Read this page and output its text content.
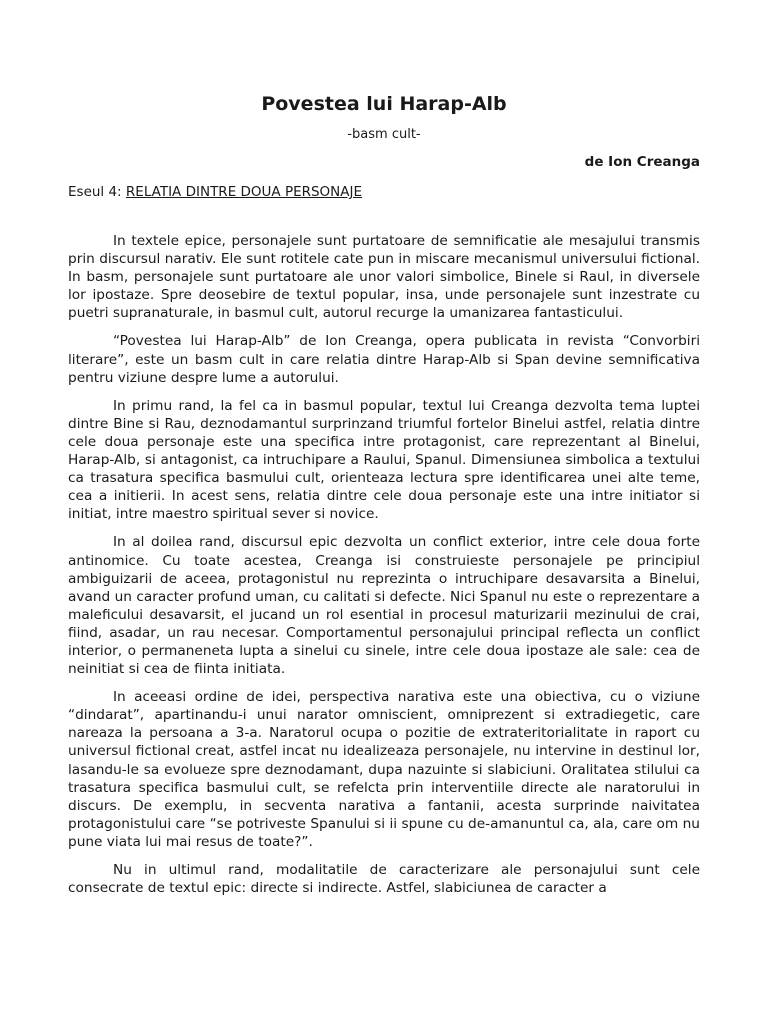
Povestea lui Harap-Alb

-basm cult-

de Ion Creanga

Eseul 4: RELATIA DINTRE DOUA PERSONAJE

In textele epice, personajele sunt purtatoare de semnificatie ale mesajului transmis prin discursul narativ. Ele sunt rotitele cate pun in miscare mecanismul universului fictional. In basm, personajele sunt purtatoare ale unor valori simbolice, Binele si Raul, in diversele lor ipostaze. Spre deosebire de textul popular, insa, unde personajele sunt inzestrate cu puetri supranaturale, in basmul cult, autorul recurge la umanizarea fantasticului.

“Povestea lui Harap-Alb” de Ion Creanga, opera publicata in revista “Convorbiri literare”, este un basm cult in care relatia dintre Harap-Alb si Span devine semnificativa pentru viziune despre lume a autorului.

In primu rand, la fel ca in basmul popular, textul lui Creanga dezvolta tema luptei dintre Bine si Rau, deznodamantul surprinzand triumful fortelor Binelui astfel, relatia dintre cele doua personaje este una specifica intre protagonist, care reprezentant al Binelui, Harap-Alb, si antagonist, ca intruchipare a Raului, Spanul. Dimensiunea simbolica a textului ca trasatura specifica basmului cult, orienteaza lectura spre identificarea unei alte teme, cea a initierii. In acest sens, relatia dintre cele doua personaje este una intre initiator si initiat, intre maestro spiritual sever si novice.

In al doilea rand, discursul epic dezvolta un conflict exterior, intre cele doua forte antinomice. Cu toate acestea, Creanga isi construieste personajele pe principiul ambiguizarii de aceea, protagonistul nu reprezinta o intruchipare desavarsita a Binelui, avand un caracter profund uman, cu calitati si defecte. Nici Spanul nu este o reprezentare a maleficului desavarsit, el jucand un rol esential in procesul maturizarii mezinului de crai, fiind, asadar, un rau necesar. Comportamentul personajului principal reflecta un conflict interior, o permaneneta lupta a sinelui cu sinele, intre cele doua ipostaze ale sale: cea de neinitiat si cea de fiinta initiata.

In aceeasi ordine de idei, perspectiva narativa este una obiectiva, cu o viziune “dindarat”, apartinandu-i unui narator omniscient, omniprezent si extradiegetic, care nareaza la persoana a 3-a. Naratorul ocupa o pozitie de extrateritorialitate in raport cu universul fictional creat, astfel incat nu idealizeaza personajele, nu intervine in destinul lor, lasandu-le sa evolueze spre deznodamant, dupa nazuinte si slabiciuni. Oralitatea stilului ca trasatura specifica basmului cult, se refelcta prin interventiile directe ale naratorului in discurs. De exemplu, in secventa narativa a fantanii, acesta surprinde naivitatea protagonistului care “se potriveste Spanului si ii spune cu de-amanuntul ca, ala, care om nu pune viata lui mai resus de toate?”.

Nu in ultimul rand, modalitatile de caracterizare ale personajului sunt cele consecrate de textul epic: directe si indirecte. Astfel, slabiciunea de caracter a
